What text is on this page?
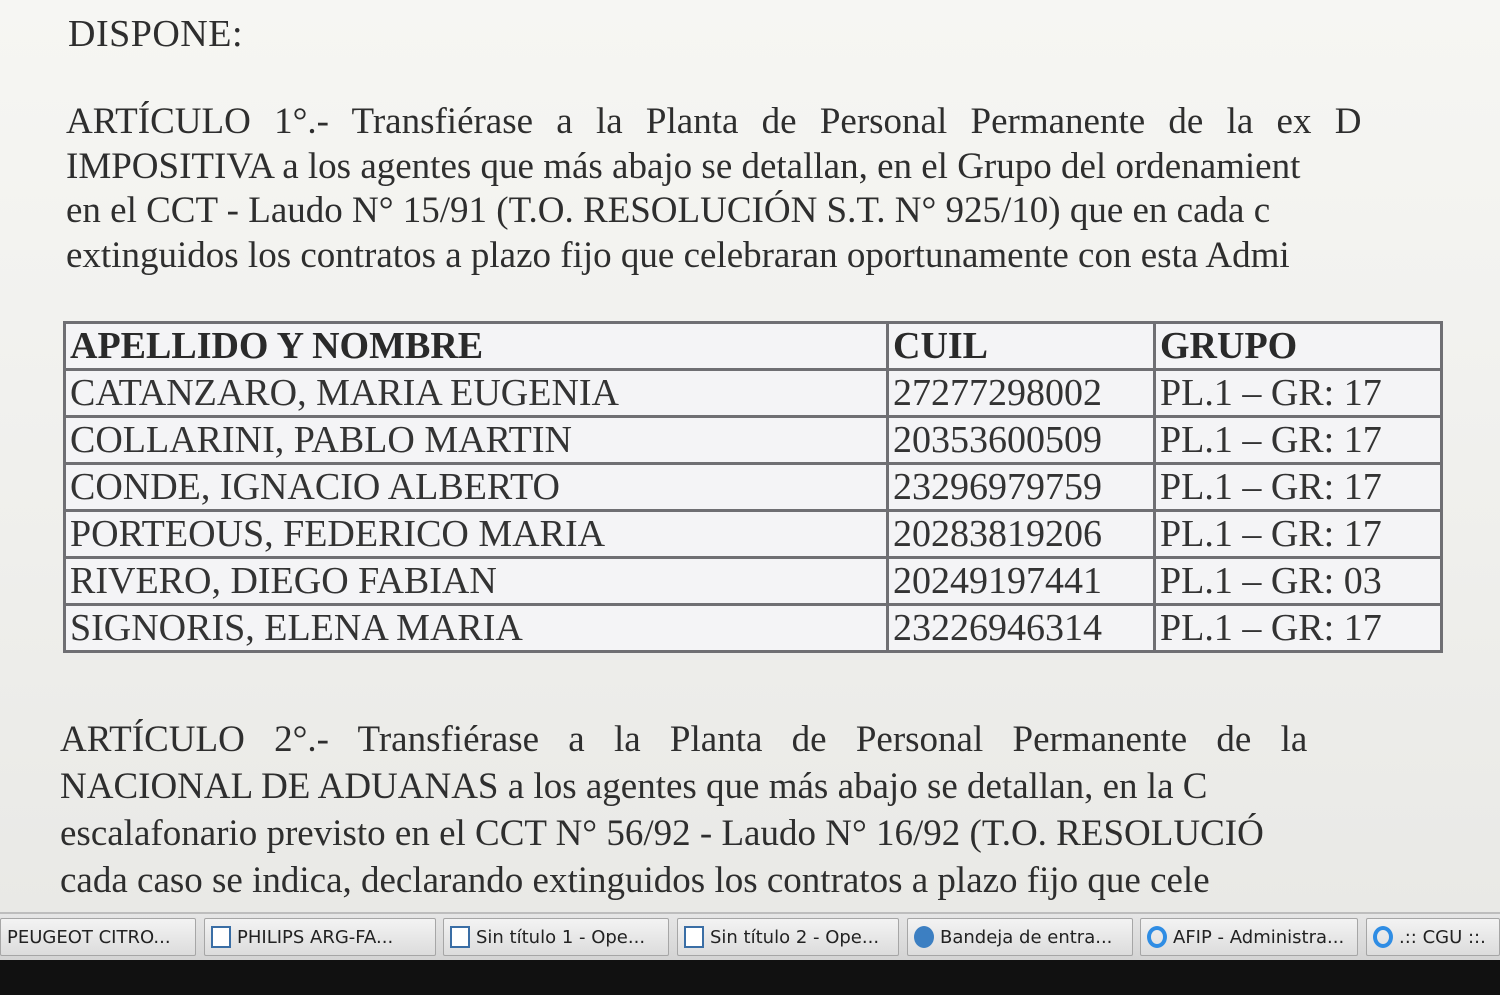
DISPONE:
ARTÍCULO 1°.- Transfiérase a la Planta de Personal Permanente de la ex D
IMPOSITIVA a los agentes que más abajo se detallan, en el Grupo del ordenamient
en el CCT - Laudo N° 15/91 (T.O. RESOLUCIÓN S.T. N° 925/10) que en cada c
extinguidos los contratos a plazo fijo que celebraran oportunamente con esta Admi
APELLIDO Y NOMBRE	CUIL	GRUPO
CATANZARO, MARIA EUGENIA	27277298002	PL.1 – GR: 17
COLLARINI, PABLO MARTIN	20353600509	PL.1 – GR: 17
CONDE, IGNACIO ALBERTO	23296979759	PL.1 – GR: 17
PORTEOUS, FEDERICO MARIA	20283819206	PL.1 – GR: 17
RIVERO, DIEGO FABIAN	20249197441	PL.1 – GR: 03
SIGNORIS, ELENA MARIA	23226946314	PL.1 – GR: 17
ARTÍCULO 2°.- Transfiérase a la Planta de Personal Permanente de la
NACIONAL DE ADUANAS a los agentes que más abajo se detallan, en la C
escalafonario previsto en el CCT N° 56/92 - Laudo N° 16/92 (T.O. RESOLUCIÓ
cada caso se indica, declarando extinguidos los contratos a plazo fijo que cele
PEUGEOT CITRO...	PHILIPS ARG-FA...	Sin título 1 - Ope...	Sin título 2 - Ope...	Bandeja de entra...	AFIP - Administra...	.:: CGU ::.
